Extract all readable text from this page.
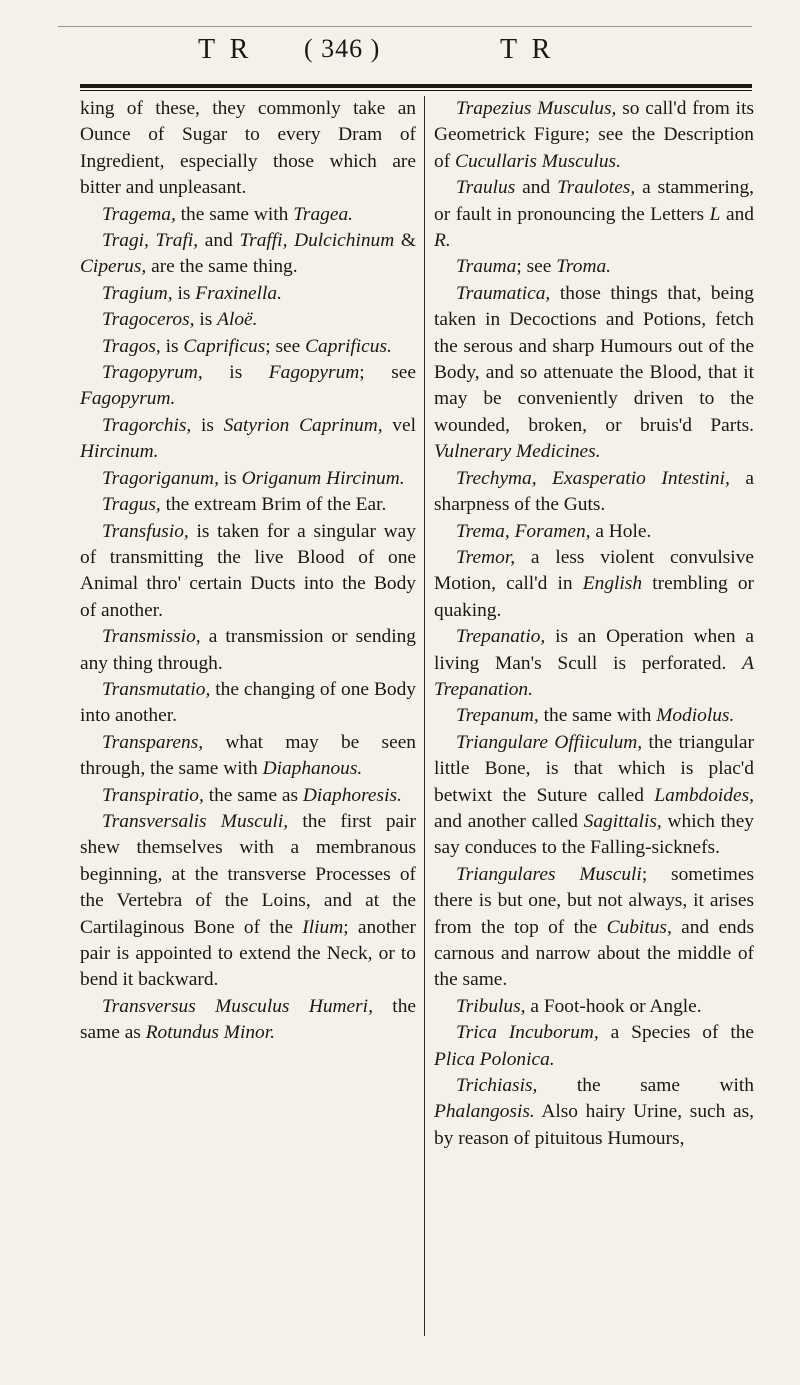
T R ( 346 )	T R

king of these, they commonly take an Ounce of Sugar to every Dram of Ingredient, especially those which are bitter and unpleasant.

Tragema, the same with Tragea.

Tragi, Trafi, and Traffi, Dulcichinum & Ciperus, are the same thing.

Tragium, is Fraxinella.

Tragoceros, is Aloë.

Tragos, is Caprificus; see Caprificus.

Tragopyrum, is Fagopyrum; see Fagopyrum.

Tragorchis, is Satyrion Caprinum, vel Hircinum.

Tragoriganum, is Origanum Hircinum.

Tragus, the extream Brim of the Ear.

Transfusio, is taken for a singular way of transmitting the live Blood of one Animal thro' certain Ducts into the Body of another.

Transmissio, a transmission or sending any thing through.

Transmutatio, the changing of one Body into another.

Transparens, what may be seen through, the same with Diaphanous.

Transpiratio, the same as Diaphoresis.

Transversalis Musculi, the first pair shew themselves with a membranous beginning, at the transverse Processes of the Vertebra of the Loins, and at the Cartilaginous Bone of the Ilium; another pair is appointed to extend the Neck, or to bend it backward.

Transversus Musculus Humeri, the same as Rotundus Minor.

Trapezius Musculus, so call'd from its Geometrick Figure; see the Description of Cucullaris Musculus.

Traulus and Traulotes, a stammering, or fault in pronouncing the Letters L and R.

Trauma; see Troma.

Traumatica, those things that, being taken in Decoctions and Potions, fetch the serous and sharp Humours out of the Body, and so attenuate the Blood, that it may be conveniently driven to the wounded, broken, or bruis'd Parts. Vulnerary Medicines.

Trechyma, Exasperatio Intestini, a sharpness of the Guts.

Trema, Foramen, a Hole.

Tremor, a less violent convulsive Motion, call'd in English trembling or quaking.

Trepanatio, is an Operation when a living Man's Scull is perforated. A Trepanation.

Trepanum, the same with Modiolus.

Triangulare Offiiculum, the triangular little Bone, is that which is plac'd betwixt the Suture called Lambdoides, and another called Sagittalis, which they say conduces to the Falling-sicknefs.

Triangulares Musculi; sometimes there is but one, but not always, it arises from the top of the Cubitus, and ends carnous and narrow about the middle of the same.

Tribulus, a Foot-hook or Angle.

Trica Incuborum, a Species of the Plica Polonica.

Trichiasis, the same with Phalangosis. Also hairy Urine, such as, by reason of pituitous Humours,
